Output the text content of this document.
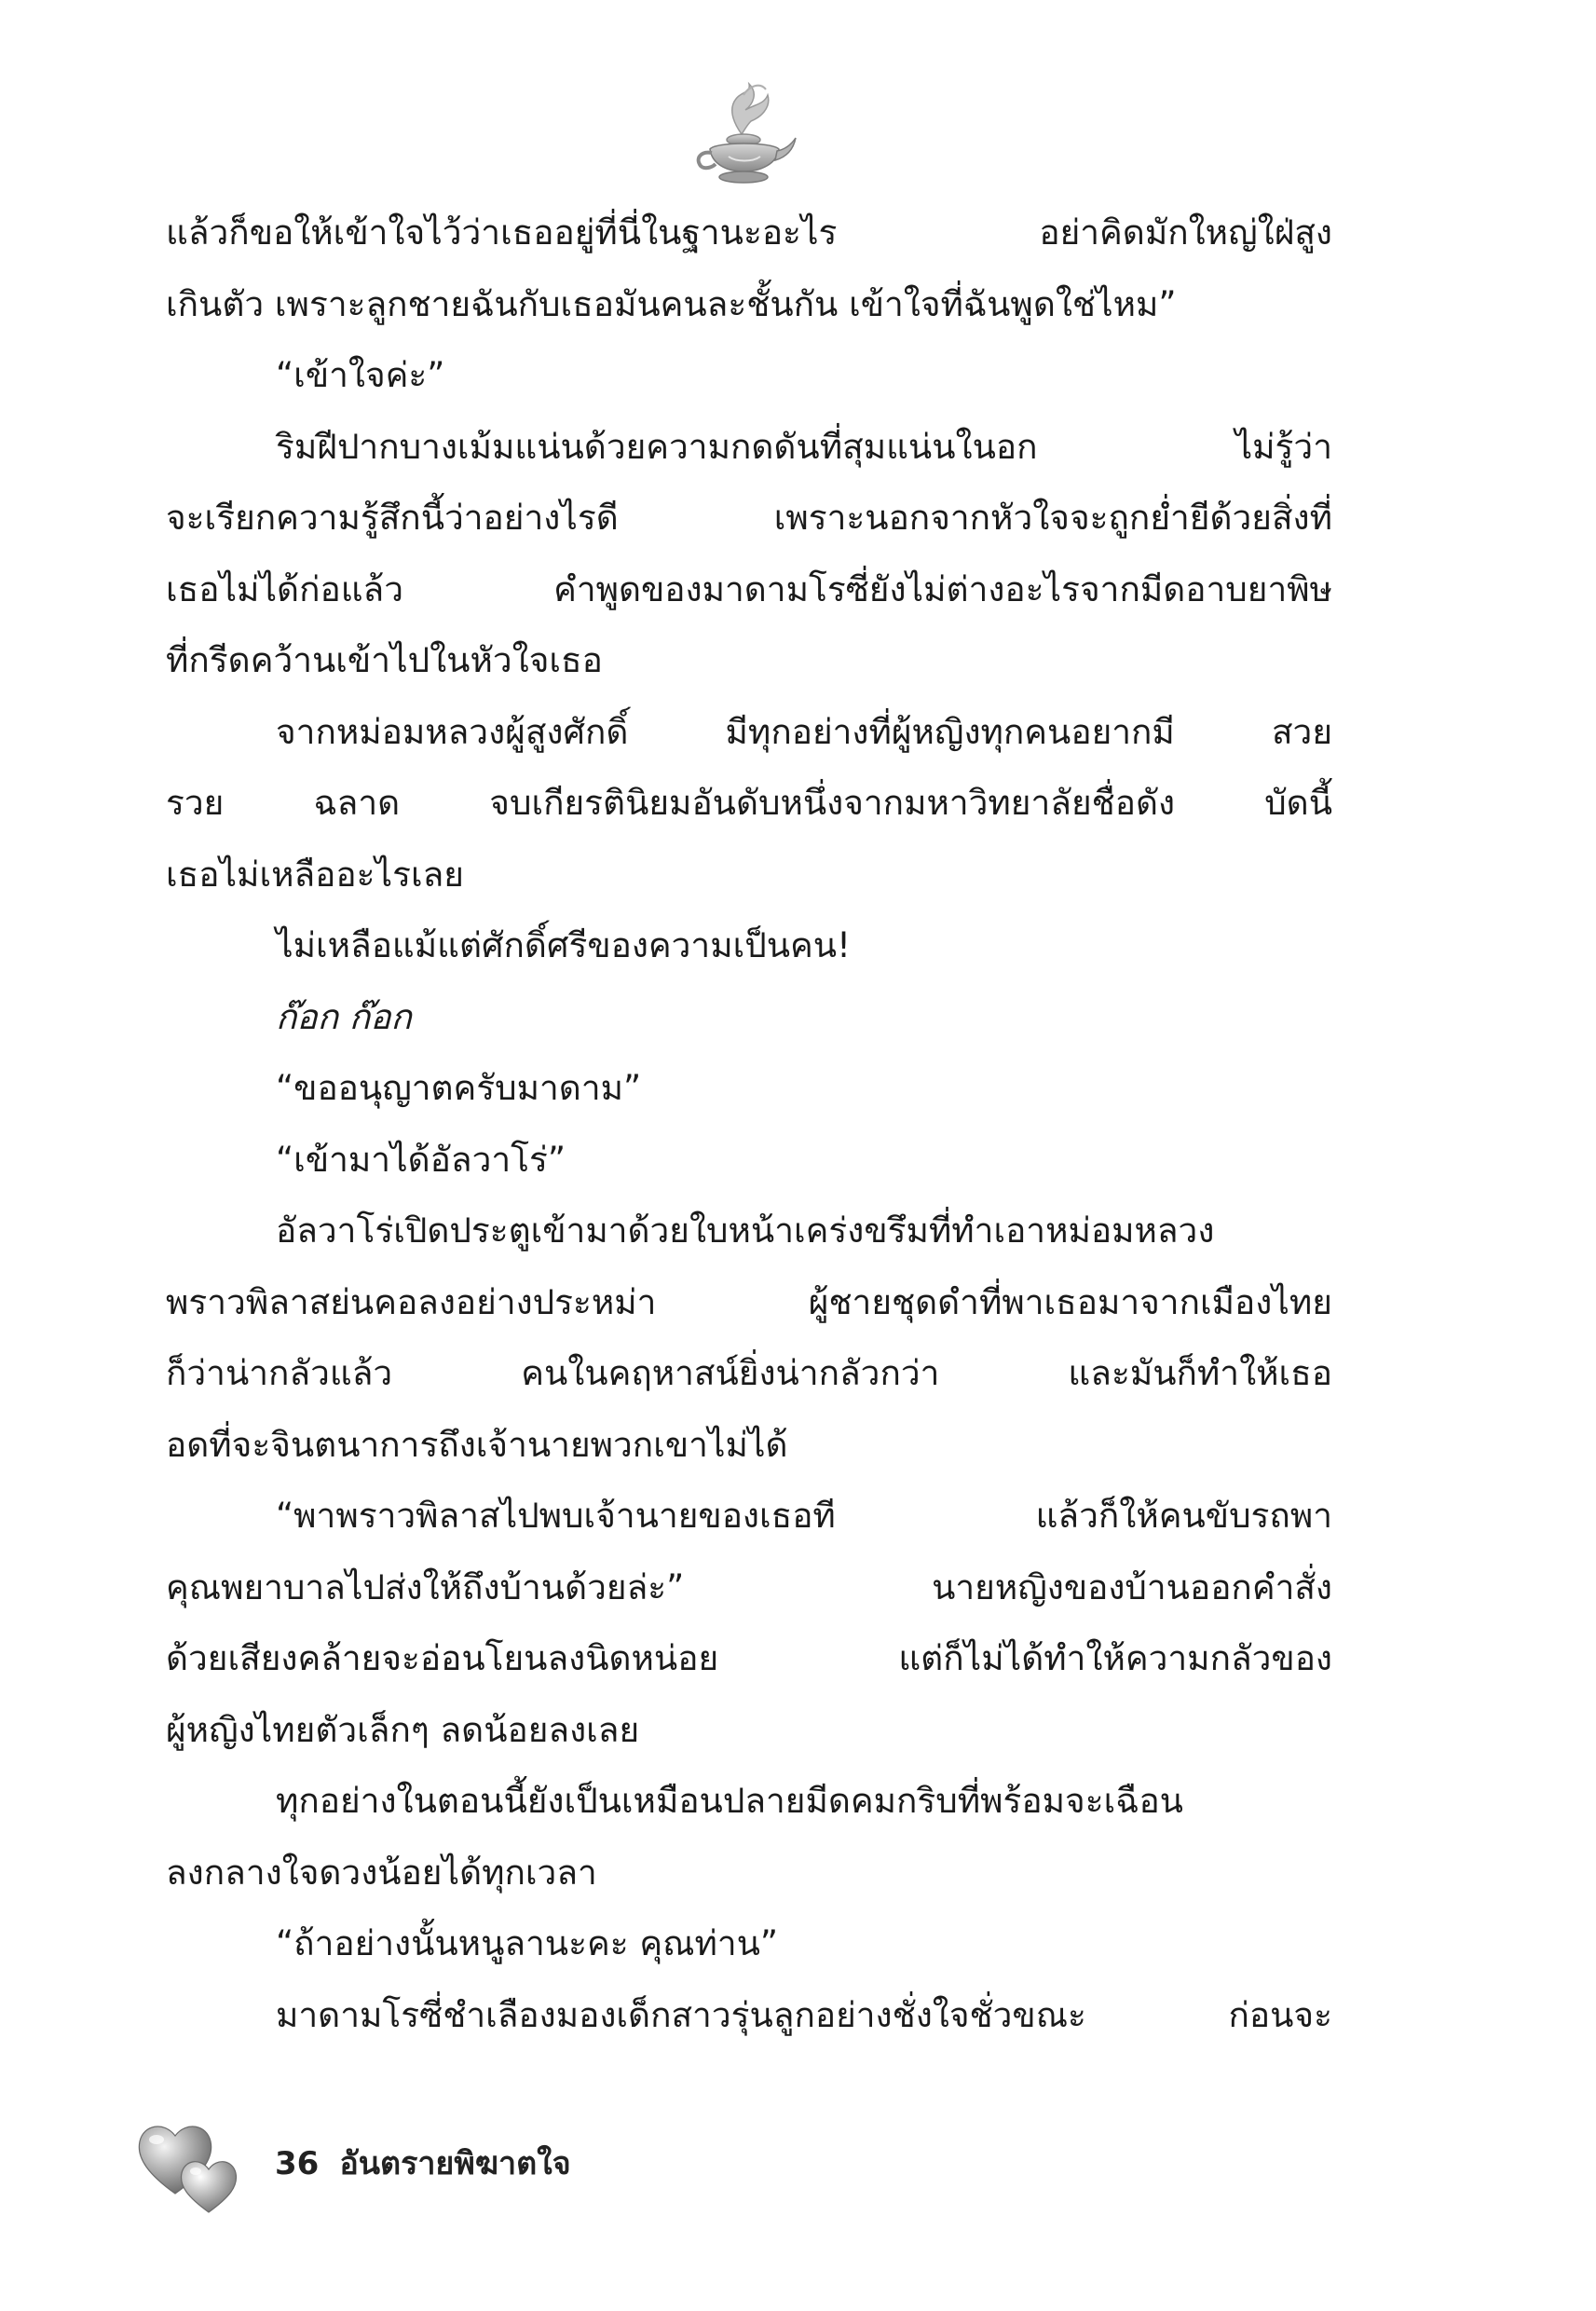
แล้วก็ขอให้เข้าใจไว้ว่าเธออยู่ที่นี่ในฐานะอะไร อย่าคิดมักใหญ่ใฝ่สูง
เกินตัว เพราะลูกชายฉันกับเธอมันคนละชั้นกัน เข้าใจที่ฉันพูดใช่ไหม”
“เข้าใจค่ะ”
ริมฝีปากบางเม้มแน่นด้วยความกดดันที่สุมแน่นในอก ไม่รู้ว่า
จะเรียกความรู้สึกนี้ว่าอย่างไรดี เพราะนอกจากหัวใจจะถูกย่ำยีด้วยสิ่งที่
เธอไม่ได้ก่อแล้ว คำพูดของมาดามโรซี่ยังไม่ต่างอะไรจากมีดอาบยาพิษ
ที่กรีดคว้านเข้าไปในหัวใจเธอ
จากหม่อมหลวงผู้สูงศักดิ์ มีทุกอย่างที่ผู้หญิงทุกคนอยากมี สวย
รวย ฉลาด จบเกียรตินิยมอันดับหนึ่งจากมหาวิทยาลัยชื่อดัง บัดนี้
เธอไม่เหลืออะไรเลย
ไม่เหลือแม้แต่ศักดิ์ศรีของความเป็นคน!
ก๊อก ก๊อก
“ขออนุญาตครับมาดาม”
“เข้ามาได้อัลวาโร่”
อัลวาโร่เปิดประตูเข้ามาด้วยใบหน้าเคร่งขรึมที่ทำเอาหม่อมหลวง
พราวพิลาสย่นคอลงอย่างประหม่า ผู้ชายชุดดำที่พาเธอมาจากเมืองไทย
ก็ว่าน่ากลัวแล้ว คนในคฤหาสน์ยิ่งน่ากลัวกว่า และมันก็ทำให้เธอ
อดที่จะจินตนาการถึงเจ้านายพวกเขาไม่ได้
“พาพราวพิลาสไปพบเจ้านายของเธอที แล้วก็ให้คนขับรถพา
คุณพยาบาลไปส่งให้ถึงบ้านด้วยล่ะ” นายหญิงของบ้านออกคำสั่ง
ด้วยเสียงคล้ายจะอ่อนโยนลงนิดหน่อย แต่ก็ไม่ได้ทำให้ความกลัวของ
ผู้หญิงไทยตัวเล็กๆ ลดน้อยลงเลย
ทุกอย่างในตอนนี้ยังเป็นเหมือนปลายมีดคมกริบที่พร้อมจะเฉือน
ลงกลางใจดวงน้อยได้ทุกเวลา
“ถ้าอย่างนั้นหนูลานะคะ คุณท่าน”
มาดามโรซี่ชำเลืองมองเด็กสาวรุ่นลูกอย่างชั่งใจชั่วขณะ ก่อนจะ
36 อันตรายพิฆาตใจ
